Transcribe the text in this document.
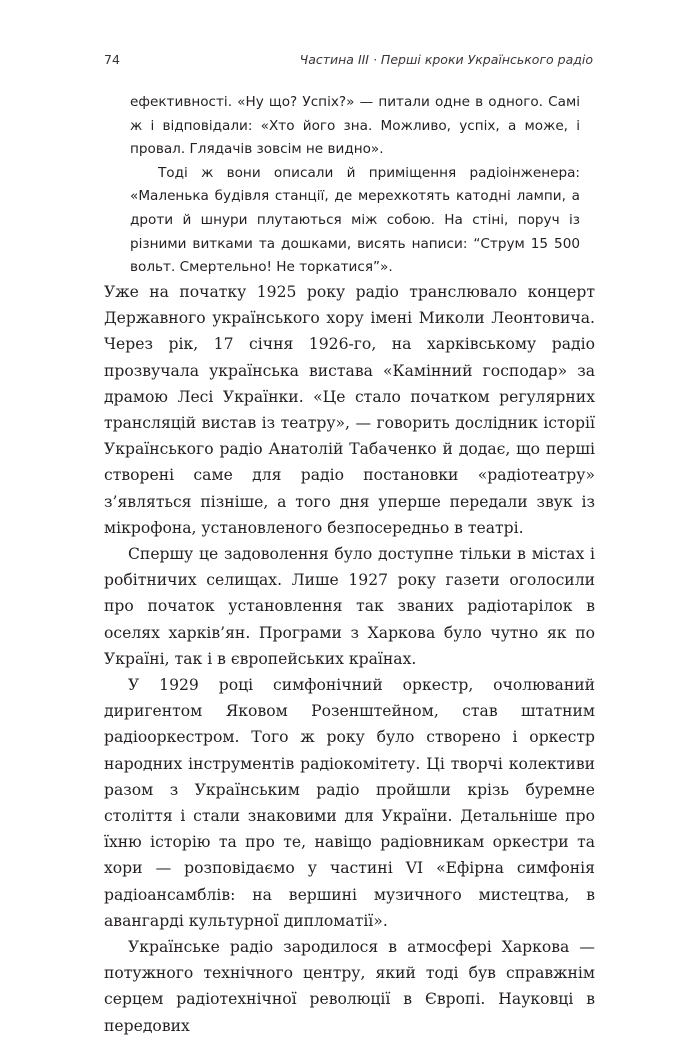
74	Частина III · Перші кроки Українського радіо

ефективності. «Ну що? Успіх?» — питали одне в одного. Самі ж і відповідали: «Хто його зна. Можливо, успіх, а може, і провал. Глядачів зовсім не видно».

Тоді ж вони описали й приміщення радіоінженера: «Маленька будівля станції, де мерехкотять катодні лампи, а дроти й шнури плутаються між собою. На стіні, поруч із різними витками та дошками, висять написи: “Струм 15 500 вольт. Смертельно! Не торкатися”».

Уже на початку 1925 року радіо транслювало концерт Державного українського хору імені Миколи Леонтовича. Через рік, 17 січня 1926-го, на харківському радіо прозвучала українська вистава «Камінний господар» за драмою Лесі Українки. «Це стало початком регулярних трансляцій вистав із театру», — говорить дослідник історії Українського радіо Анатолій Табаченко й додає, що перші створені саме для радіо постановки «радіотеатру» з’являться пізніше, а того дня уперше передали звук із мікрофона, установленого безпосередньо в театрі.

Спершу це задоволення було доступне тільки в містах і робітничих селищах. Лише 1927 року газети оголосили про початок установлення так званих радіотарілок в оселях харків’ян. Програми з Харкова було чутно як по Україні, так і в європейських країнах.

У 1929 році симфонічний оркестр, очолюваний диригентом Яковом Розенштейном, став штатним радіооркестром. Того ж року було створено і оркестр народних інструментів радіокомітету. Ці творчі колективи разом з Українським радіо пройшли крізь буремне століття і стали знаковими для України. Детальніше про їхню історію та про те, навіщо радіовникам оркестри та хори — розповідаємо у частині VI «Ефірна симфонія радіоансамблів: на вершині музичного мистецтва, в авангарді культурної дипломатії».

Українське радіо зародилося в атмосфері Харкова — потужного технічного центру, який тоді був справжнім серцем радіотехнічної революції в Європі. Науковці в передових
